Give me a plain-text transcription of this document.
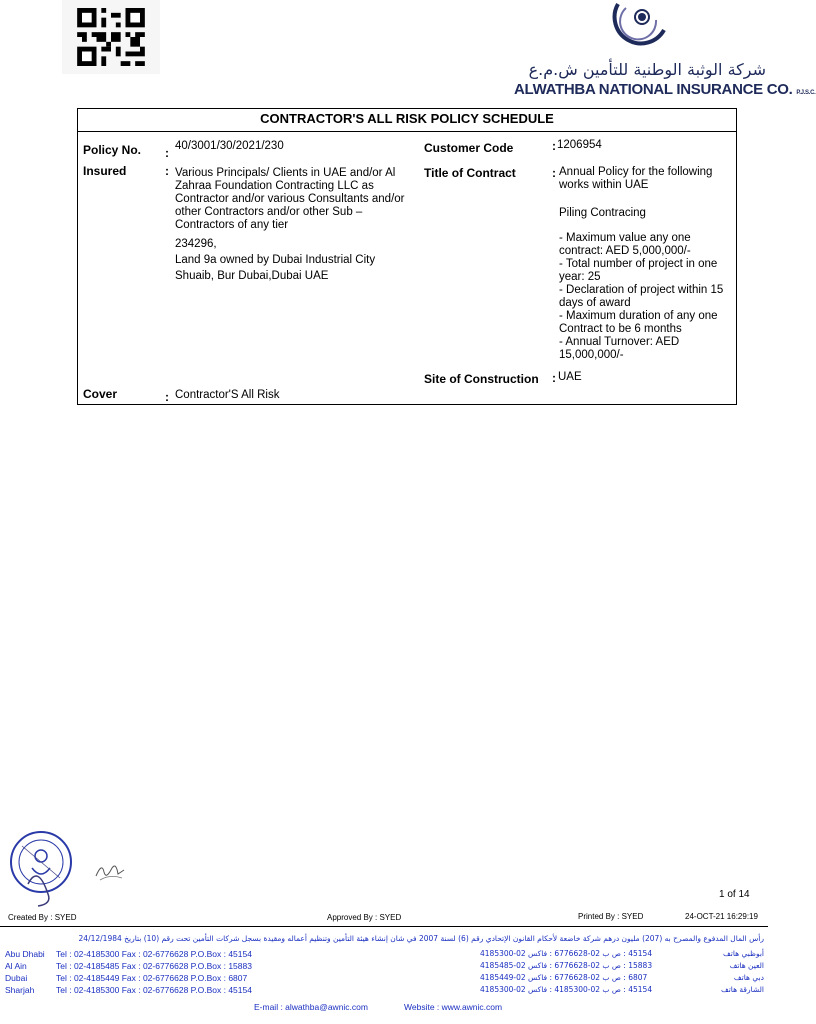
شركة الوثبة الوطنية للتأمين ش.م.ع
ALWATHBA NATIONAL INSURANCE CO. P.J.S.C.
CONTRACTOR'S ALL RISK POLICY SCHEDULE
Policy No. : 40/3001/30/2021/230	Customer Code	: 1206954
Insured	: Various Principals/ Clients in UAE and/or Al
Zahraa Foundation Contracting LLC as
Contractor and/or various Consultants and/or
other Contractors and/or other Sub –
Contractors of any tier
234296,
Land 9a owned by Dubai Industrial City
Shuaib, Bur Dubai,Dubai UAE
Title of Contract	: Annual Policy for the following
works within UAE
Piling Contracing
- Maximum value any one
contract: AED 5,000,000/-
- Total number of project in one
year: 25
- Declaration of project within 15
days of award
- Maximum duration of any one
Contract to be 6 months
- Annual Turnover: AED
15,000,000/-
Site of Construction : UAE
Cover	: Contractor'S All Risk
1 of 14
Created By : SYED	Approved By : SYED	Printed By : SYED	24-OCT-21 16:29:19
رأس المال المدفوع والمصرح به (207) مليون درهم شركة خاضعة لأحكام القانون الإتحادي رقم (6) لسنة 2007 في شان إنشاء هيئة التأمين وتنظيم أعماله ومقيدة بسجل شركات التأمين تحت رقم (10) بتاريخ 24/12/1984
Abu Dhabi Tel : 02-4185300 Fax : 02-6776628 P.O.Box : 45154
Al Ain	Tel : 02-4185485 Fax : 02-6776628 P.O.Box : 15883
Dubai	Tel : 02-4185449 Fax : 02-6776628 P.O.Box : 6807
Sharjah	Tel : 02-4185300 Fax : 02-6776628 P.O.Box : 45154
45154 : ص ب 02-6776628 : فاكس 02-4185300	أبوظبي هاتف
15883 : ص ب 02-6776628 : فاكس 02-4185485	العين هاتف
6807 : ص ب 02-6776628 : فاكس 02-4185449	دبي هاتف
45154 : ص ب 02-4185300 : فاكس 02-4185300	الشارقة هاتف
E-mail : alwathba@awnic.com	Website : www.awnic.com
